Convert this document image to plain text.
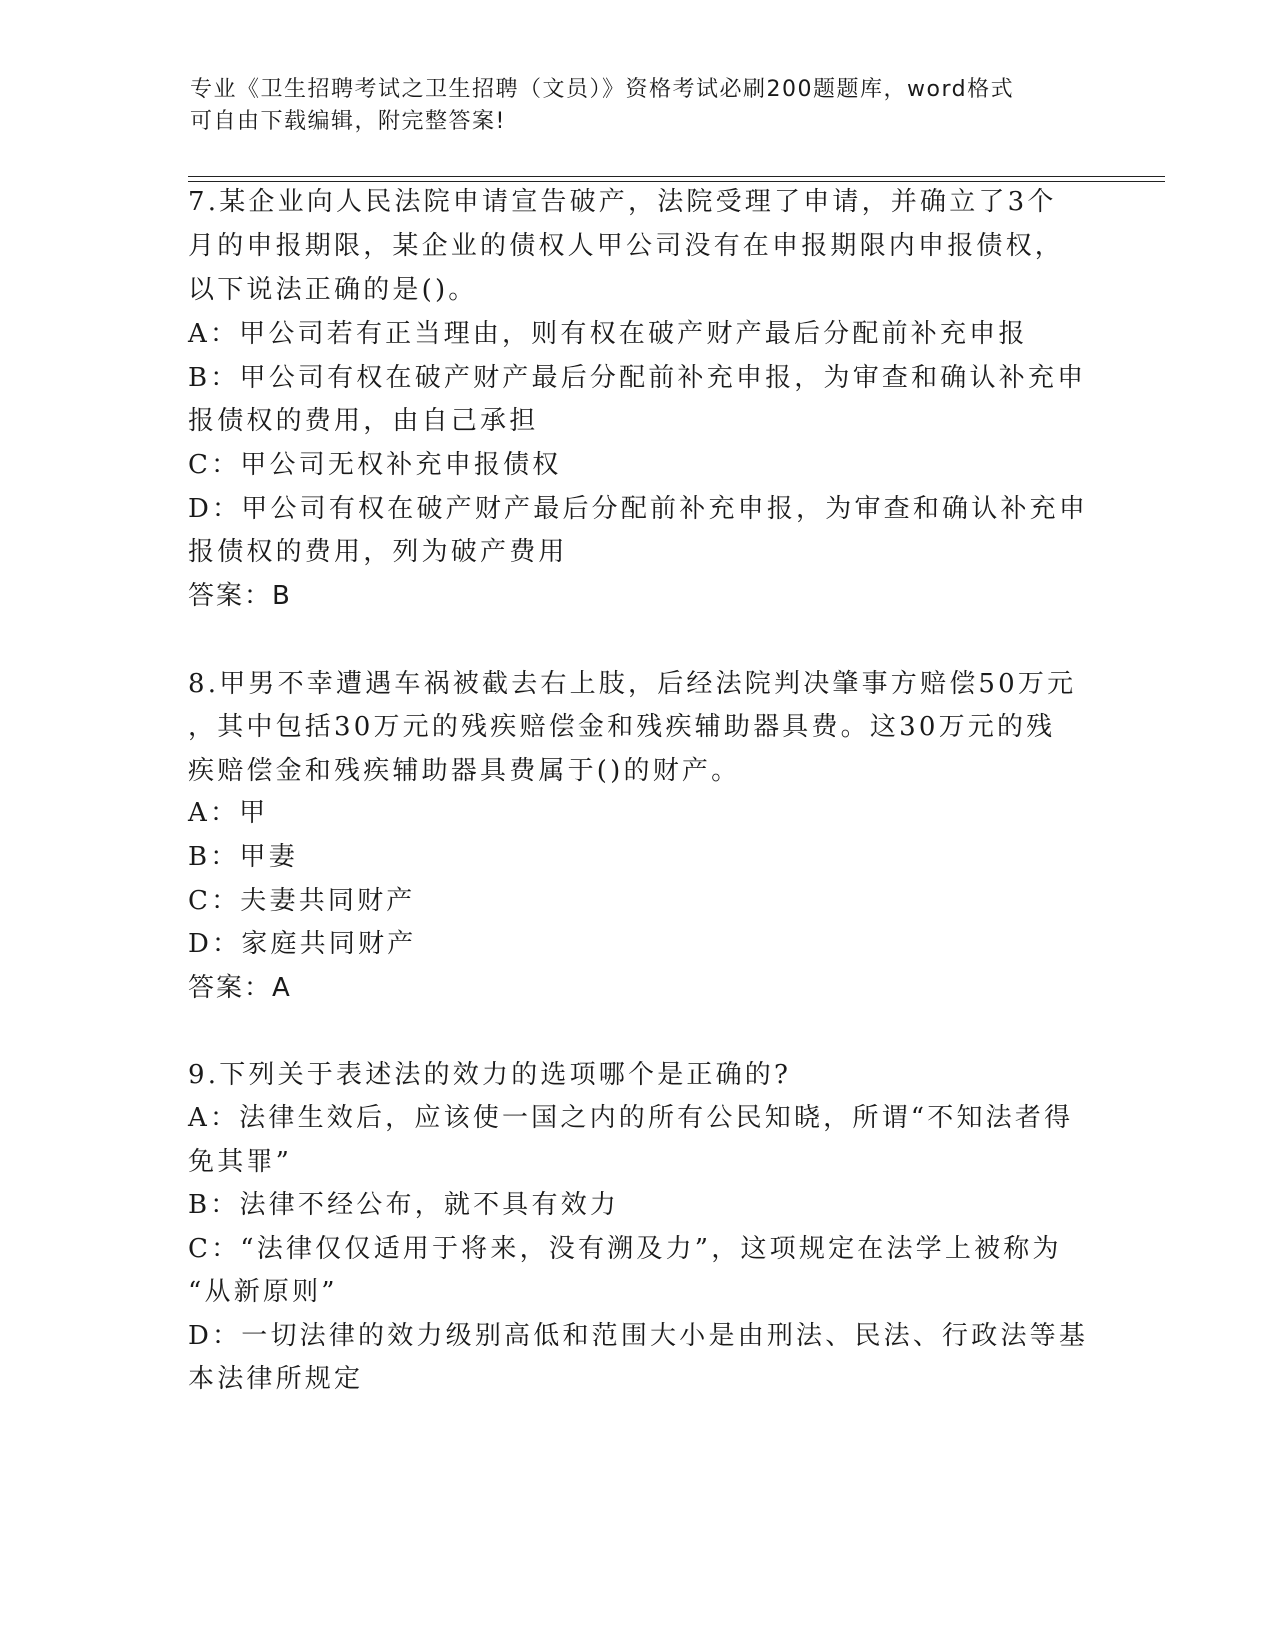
专业《卫生招聘考试之卫生招聘（文员）》资格考试必刷200题题库，word格式
可自由下载编辑，附完整答案!
7.某企业向人民法院申请宣告破产，法院受理了申请，并确立了3个
月的申报期限，某企业的债权人甲公司没有在申报期限内申报债权，
以下说法正确的是()。
A：甲公司若有正当理由，则有权在破产财产最后分配前补充申报
B：甲公司有权在破产财产最后分配前补充申报，为审查和确认补充申
报债权的费用，由自己承担
C：甲公司无权补充申报债权
D：甲公司有权在破产财产最后分配前补充申报，为审查和确认补充申
报债权的费用，列为破产费用
答案：B
8.甲男不幸遭遇车祸被截去右上肢，后经法院判决肇事方赔偿50万元
，其中包括30万元的残疾赔偿金和残疾辅助器具费。这30万元的残
疾赔偿金和残疾辅助器具费属于()的财产。
A：甲
B：甲妻
C：夫妻共同财产
D：家庭共同财产
答案：A
9.下列关于表述法的效力的选项哪个是正确的?
A：法律生效后，应该使一国之内的所有公民知晓，所谓“不知法者得
免其罪”
B：法律不经公布，就不具有效力
C：“法律仅仅适用于将来，没有溯及力”，这项规定在法学上被称为
“从新原则”
D：一切法律的效力级别高低和范围大小是由刑法、民法、行政法等基
本法律所规定
